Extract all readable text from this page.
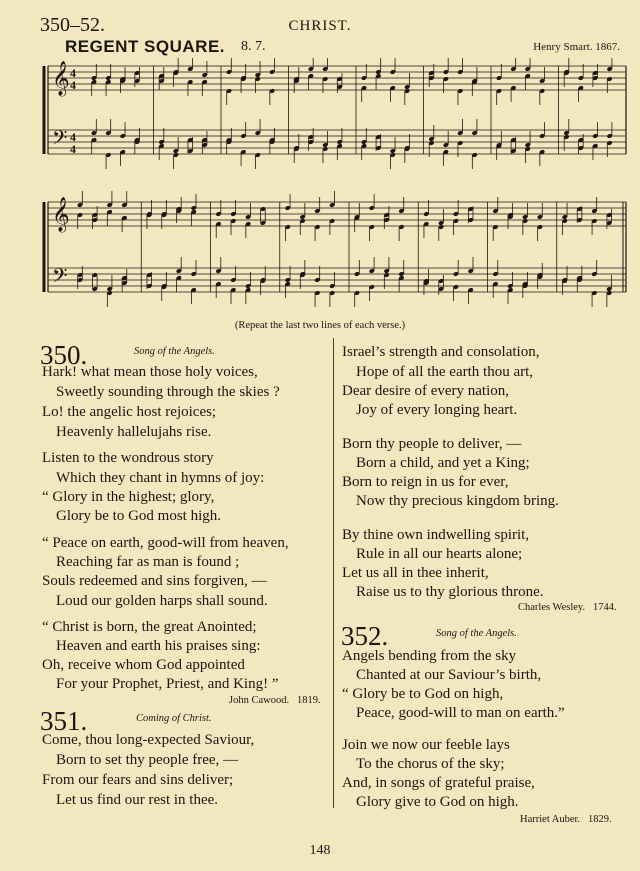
350–52.	CHRIST.
REGENT SQUARE. 8. 7.	Henry Smart. 1867.
𝄞
𝄢
4
4
4
4
𝄞
𝄢
(Repeat the last two lines of each verse.)
350.	Song of the Angels.
Hark! what mean those holy voices,
Sweetly sounding through the skies ?
Lo! the angelic host rejoices;
Heavenly hallelujahs rise.
Listen to the wondrous story
Which they chant in hymns of joy:
“ Glory in the highest; glory,
Glory be to God most high.
“ Peace on earth, good-will from heaven,
Reaching far as man is found ;
Souls redeemed and sins forgiven, —
Loud our golden harps shall sound.
“ Christ is born, the great Anointed;
Heaven and earth his praises sing:
Oh, receive whom God appointed
For your Prophet, Priest, and King! ”
John Cawood. 1819.
351.	Coming of Christ.
Come, thou long-expected Saviour,
Born to set thy people free, —
From our fears and sins deliver;
Let us find our rest in thee.
Israel’s strength and consolation,
Hope of all the earth thou art,
Dear desire of every nation,
Joy of every longing heart.
Born thy people to deliver, —
Born a child, and yet a King;
Born to reign in us for ever,
Now thy precious kingdom bring.
By thine own indwelling spirit,
Rule in all our hearts alone;
Let us all in thee inherit,
Raise us to thy glorious throne.
Charles Wesley. 1744.
352.	Song of the Angels.
Angels bending from the sky
Chanted at our Saviour’s birth,
“ Glory be to God on high,
Peace, good-will to man on earth.”
Join we now our feeble lays
To the chorus of the sky;
And, in songs of grateful praise,
Glory give to God on high.
Harriet Auber. 1829.
148
